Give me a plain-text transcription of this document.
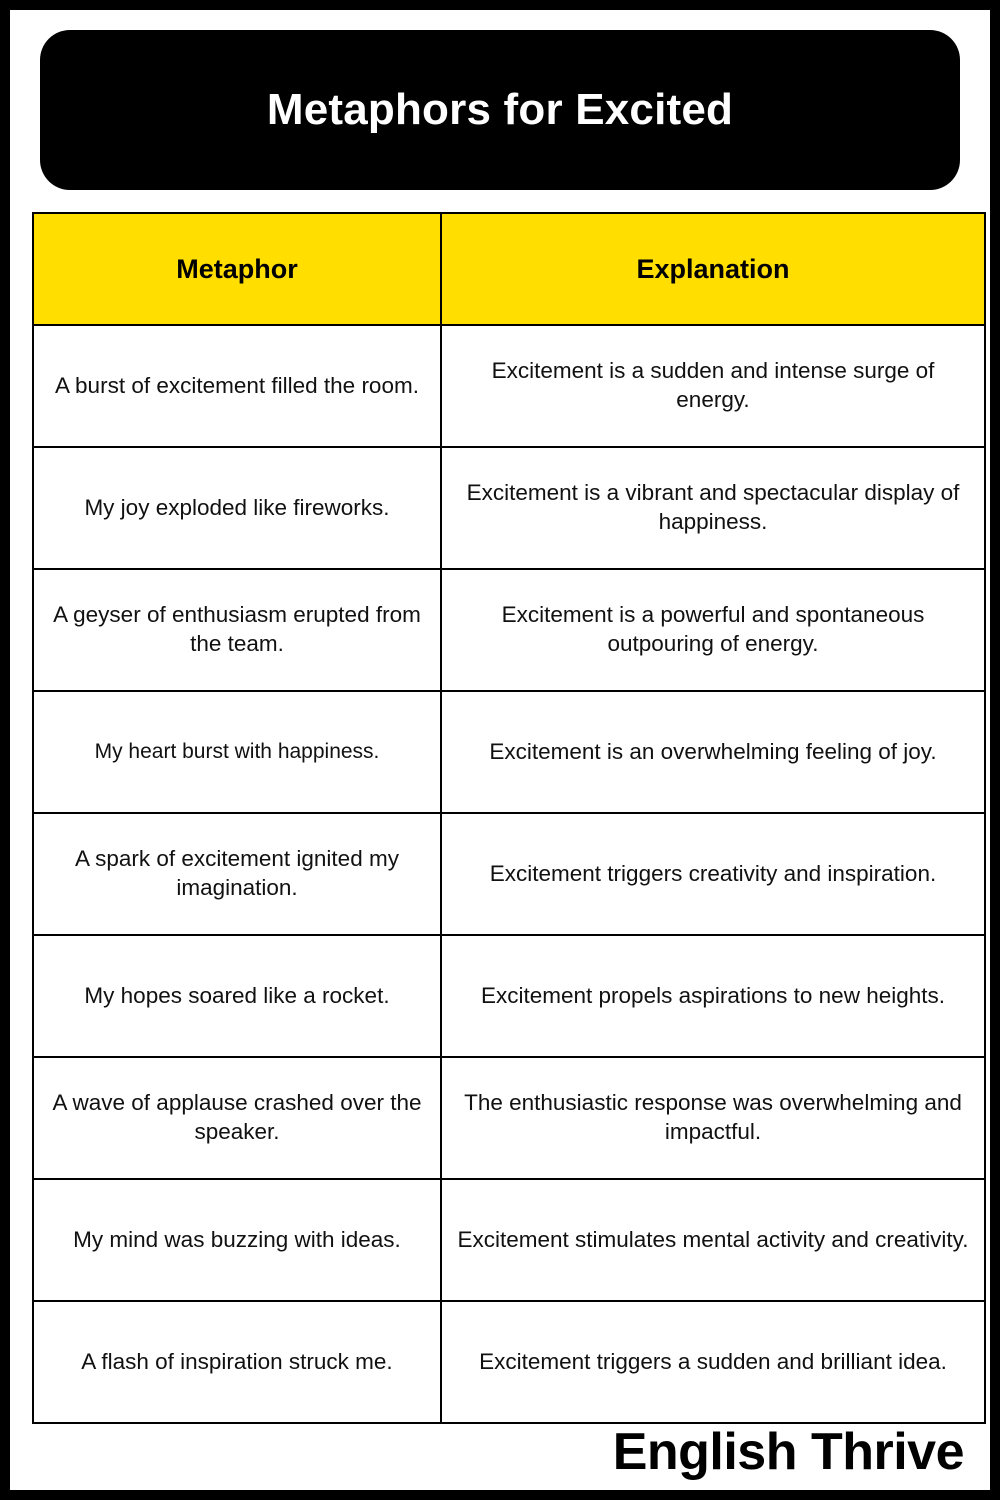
Metaphors for Excited
Metaphor	Explanation
A burst of excitement filled the room.	Excitement is a sudden and intense surge of energy.
My joy exploded like fireworks.	Excitement is a vibrant and spectacular display of happiness.
A geyser of enthusiasm erupted from the team.	Excitement is a powerful and spontaneous outpouring of energy.
My heart burst with happiness.	Excitement is an overwhelming feeling of joy.
A spark of excitement ignited my imagination.	Excitement triggers creativity and inspiration.
My hopes soared like a rocket.	Excitement propels aspirations to new heights.
A wave of applause crashed over the speaker.	The enthusiastic response was overwhelming and impactful.
My mind was buzzing with ideas.	Excitement stimulates mental activity and creativity.
A flash of inspiration struck me.	Excitement triggers a sudden and brilliant idea.
English Thrive
